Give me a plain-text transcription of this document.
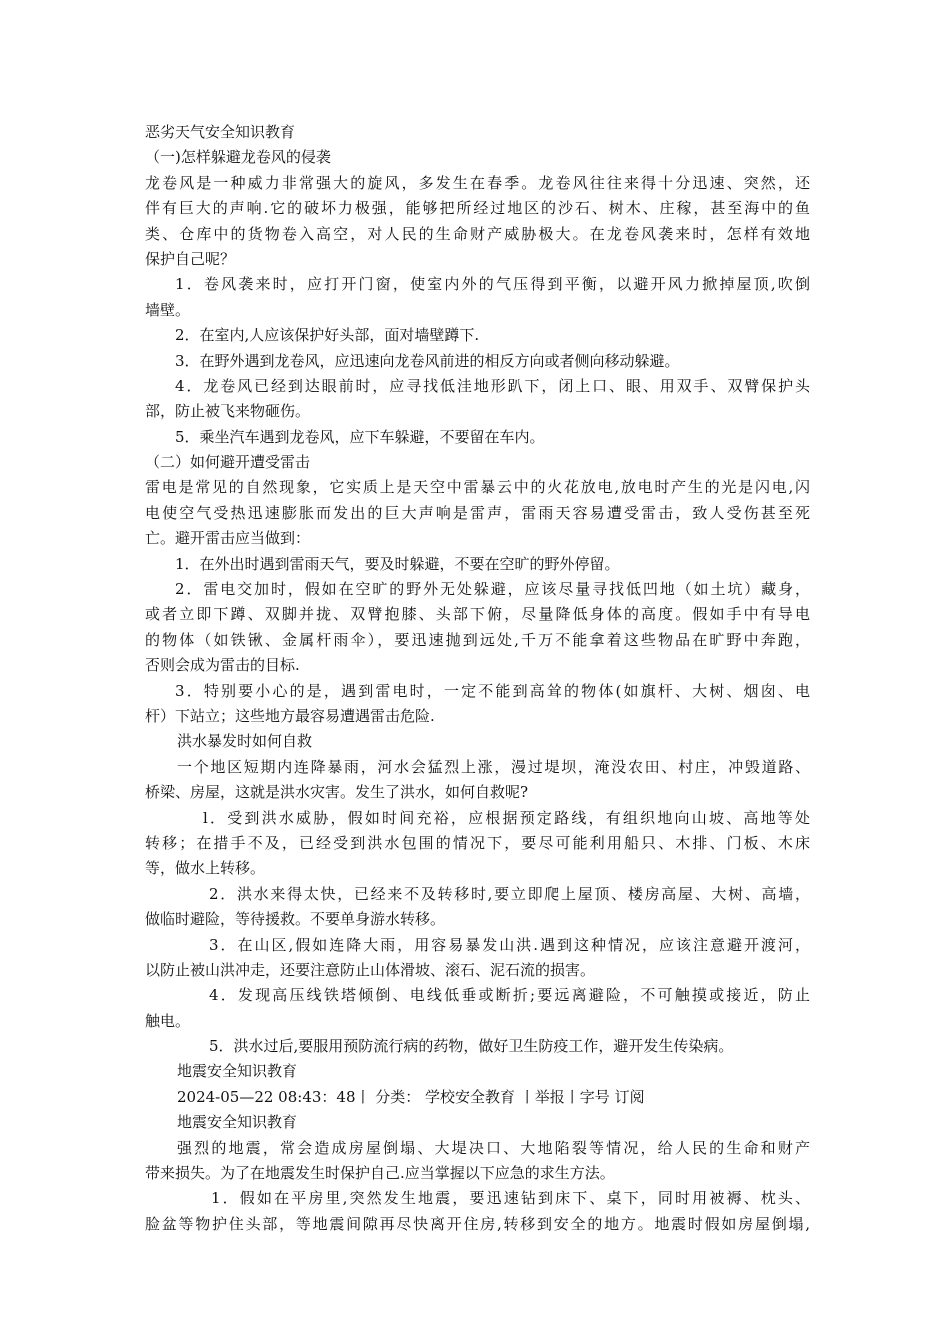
恶劣天气安全知识教育
（一)怎样躲避龙卷风的侵袭
龙卷风是一种威力非常强大的旋风，多发生在春季。龙卷风往往来得十分迅速、突然，还
伴有巨大的声响.它的破坏力极强，能够把所经过地区的沙石、树木、庄稼，甚至海中的鱼
类、仓库中的货物卷入高空，对人民的生命财产威胁极大。在龙卷风袭来时，怎样有效地
保护自己呢？
1．卷风袭来时，应打开门窗，使室内外的气压得到平衡，以避开风力掀掉屋顶,吹倒
墙壁。
2．在室内,人应该保护好头部，面对墙壁蹲下.
3．在野外遇到龙卷风，应迅速向龙卷风前进的相反方向或者侧向移动躲避。
4．龙卷风已经到达眼前时，应寻找低洼地形趴下，闭上口、眼、用双手、双臂保护头
部，防止被飞来物砸伤。
5．乘坐汽车遇到龙卷风，应下车躲避，不要留在车内。
（二）如何避开遭受雷击
雷电是常见的自然现象，它实质上是天空中雷暴云中的火花放电,放电时产生的光是闪电,闪
电使空气受热迅速膨胀而发出的巨大声响是雷声，雷雨天容易遭受雷击，致人受伤甚至死
亡。避开雷击应当做到：
1．在外出时遇到雷雨天气，要及时躲避，不要在空旷的野外停留。
2．雷电交加时，假如在空旷的野外无处躲避，应该尽量寻找低凹地（如土坑）藏身，
或者立即下蹲、双脚并拢、双臂抱膝、头部下俯，尽量降低身体的高度。假如手中有导电
的物体（如铁锹、金属杆雨伞），要迅速抛到远处,千万不能拿着这些物品在旷野中奔跑，
否则会成为雷击的目标.
3．特别要小心的是，遇到雷电时，一定不能到高耸的物体(如旗杆、大树、烟囱、电
杆）下站立；这些地方最容易遭遇雷击危险.
洪水暴发时如何自救
一个地区短期内连降暴雨，河水会猛烈上涨，漫过堤坝，淹没农田、村庄，冲毁道路、
桥梁、房屋，这就是洪水灾害。发生了洪水，如何自救呢?
l．受到洪水威胁，假如时间充裕，应根据预定路线，有组织地向山坡、高地等处
转移；在措手不及，已经受到洪水包围的情况下，要尽可能利用船只、木排、门板、木床
等，做水上转移。
2．洪水来得太快，已经来不及转移时,要立即爬上屋顶、楼房高屋、大树、高墙，
做临时避险，等待援救。不要单身游水转移。
3．在山区,假如连降大雨，用容易暴发山洪.遇到这种情况，应该注意避开渡河，
以防止被山洪冲走，还要注意防止山体滑坡、滚石、泥石流的损害。
4．发现高压线铁塔倾倒、电线低垂或断折;要远离避险，不可触摸或接近，防止
触电。
5．洪水过后,要服用预防流行病的药物，做好卫生防疫工作，避开发生传染病。
地震安全知识教育
2024-05—22 08:43：48丨 分类： 学校安全教育 丨举报丨字号 订阅
地震安全知识教育
强烈的地震，常会造成房屋倒塌、大堤决口、大地陷裂等情况，给人民的生命和财产
带来损失。为了在地震发生时保护自己.应当掌握以下应急的求生方法。
1．假如在平房里,突然发生地震，要迅速钻到床下、桌下，同时用被褥、枕头、
脸盆等物护住头部，等地震间隙再尽快离开住房,转移到安全的地方。地震时假如房屋倒塌,
